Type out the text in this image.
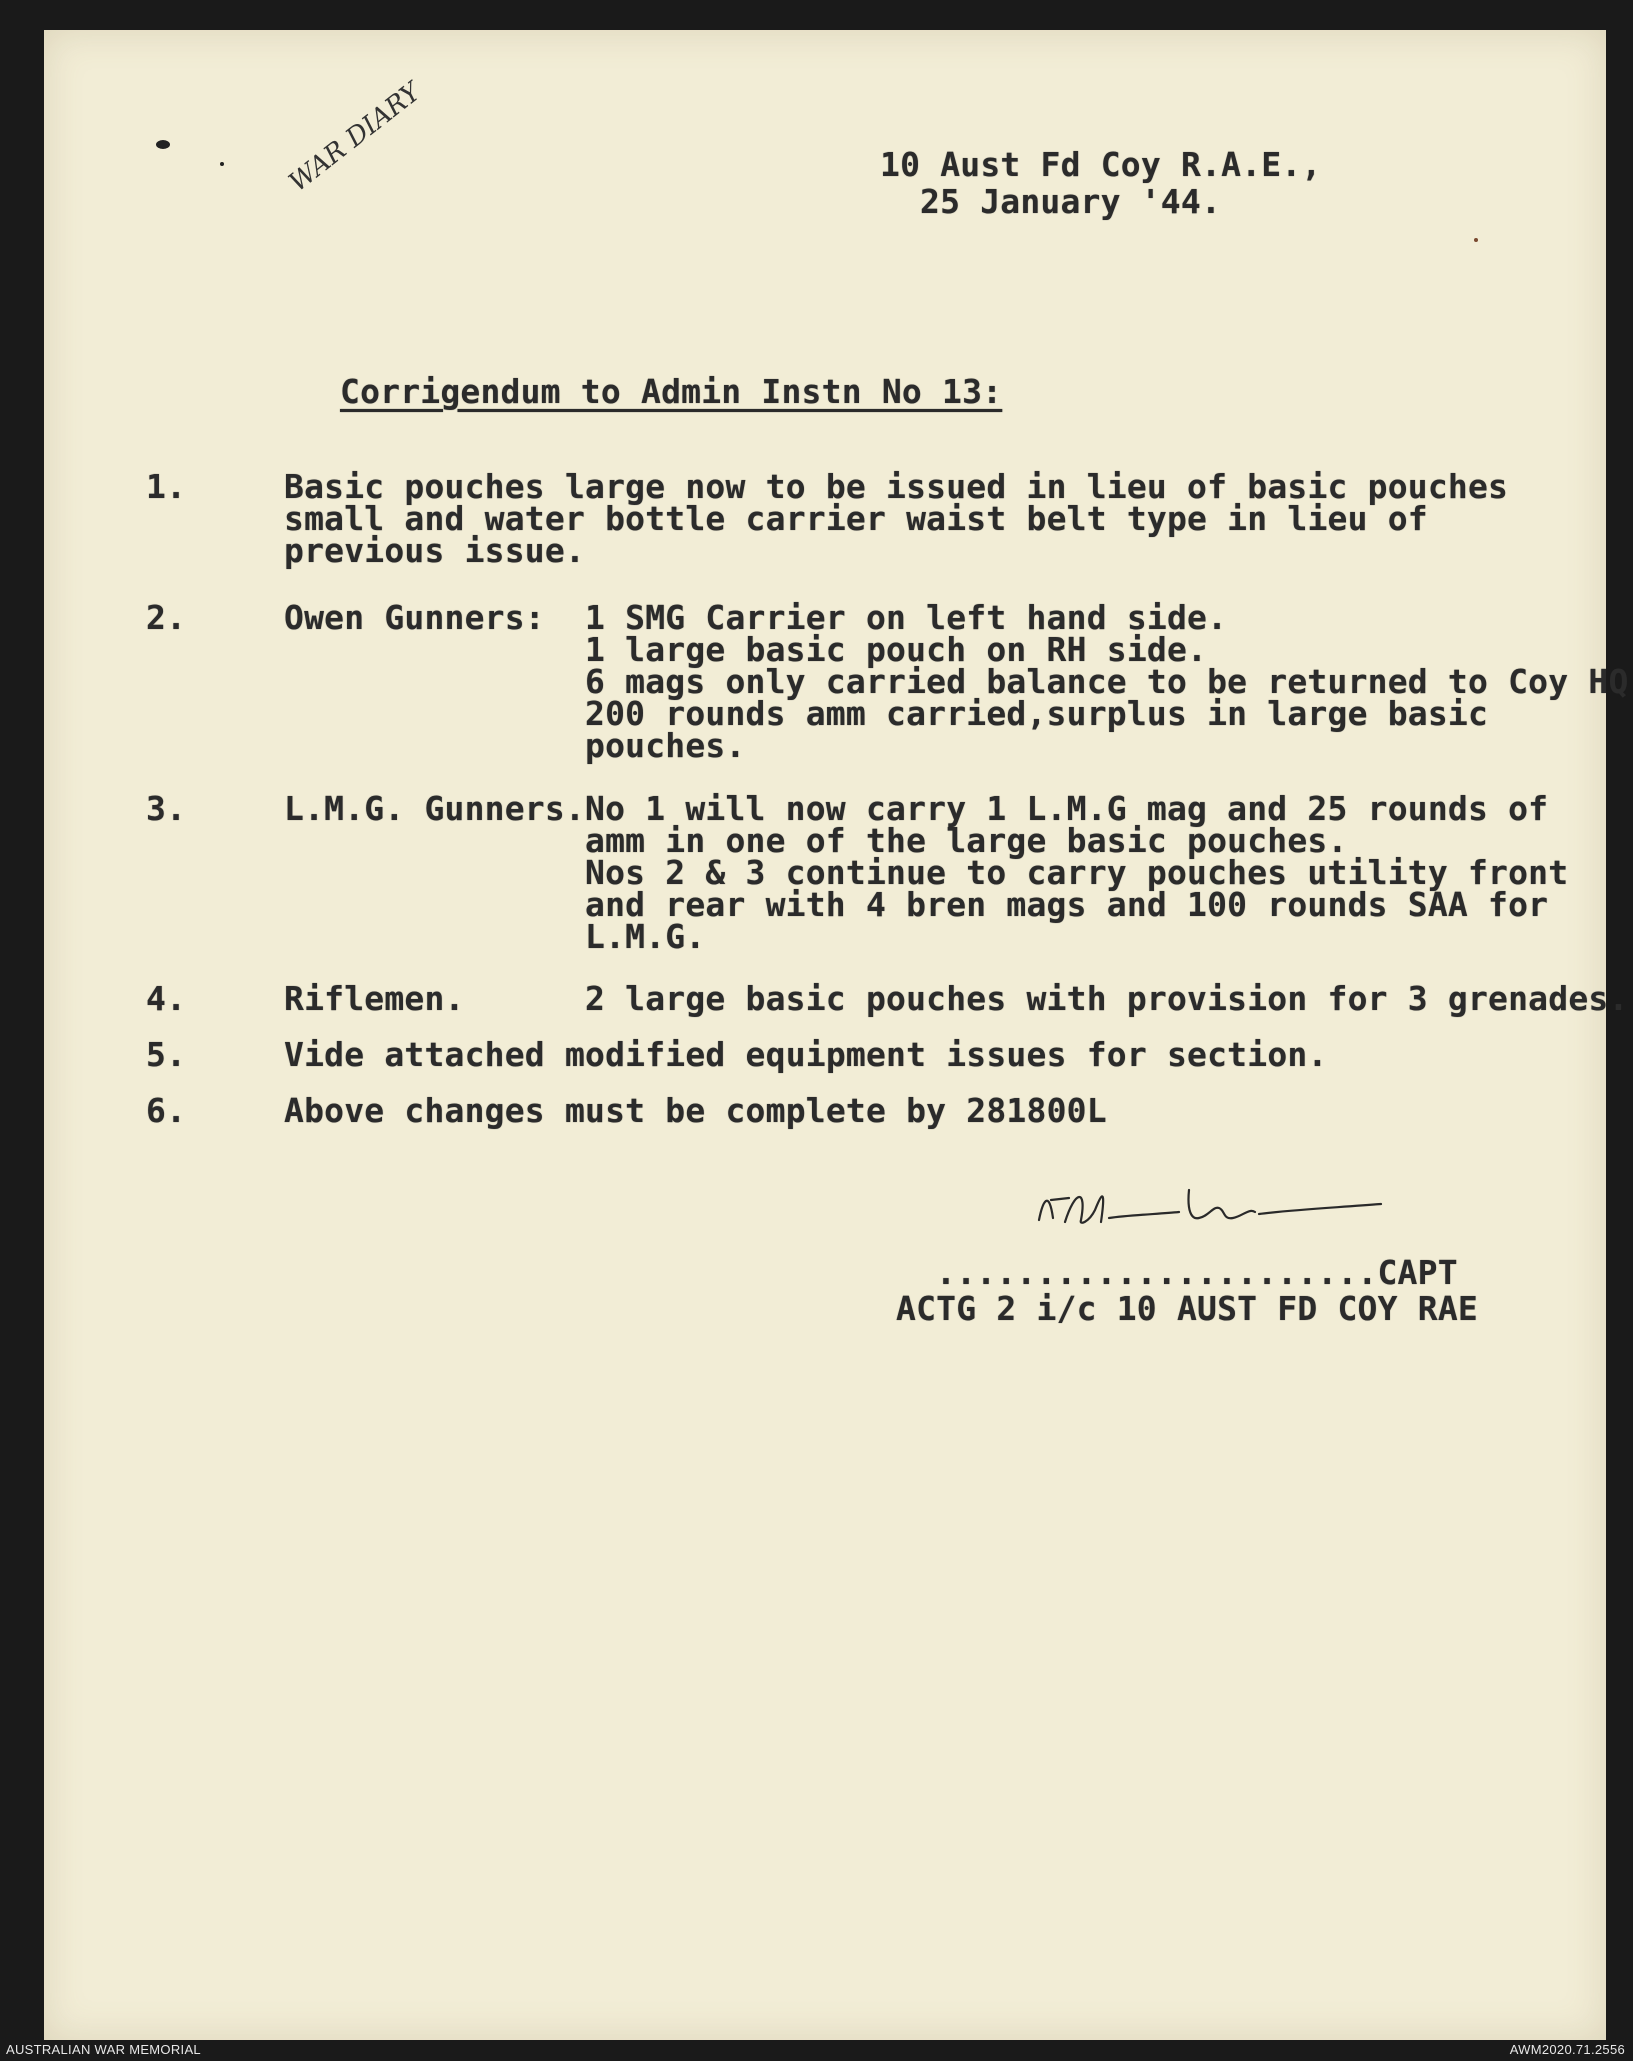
WAR DIARY	10 Aust Fd Coy R.A.E.,
25 January '44.
Corrigendum to Admin Instn No 13:
1.	Basic pouches large now to be issued in lieu of basic pouches
small and water bottle carrier waist belt type in lieu of
previous issue.
2.	Owen Gunners: 1 SMG Carrier on left hand side.
1 large basic pouch on RH side.
6 mags only carried balance to be returned to Coy HQ
200 rounds amm carried,surplus in large basic
pouches.
3.	L.M.G. Gunners. No 1 will now carry 1 L.M.G mag and 25 rounds of
amm in one of the large basic pouches.
Nos 2 & 3 continue to carry pouches utility front
and rear with 4 bren mags and 100 rounds SAA for
L.M.G.
4.	Riflemen.	2 large basic pouches with provision for 3 grenades.
5.	Vide attached modified equipment issues for section.
6.	Above changes must be complete by 281800L
......................CAPT
ACTG 2 i/c 10 AUST FD COY RAE
AUSTRALIAN WAR MEMORIAL	AWM2020.71.2556
